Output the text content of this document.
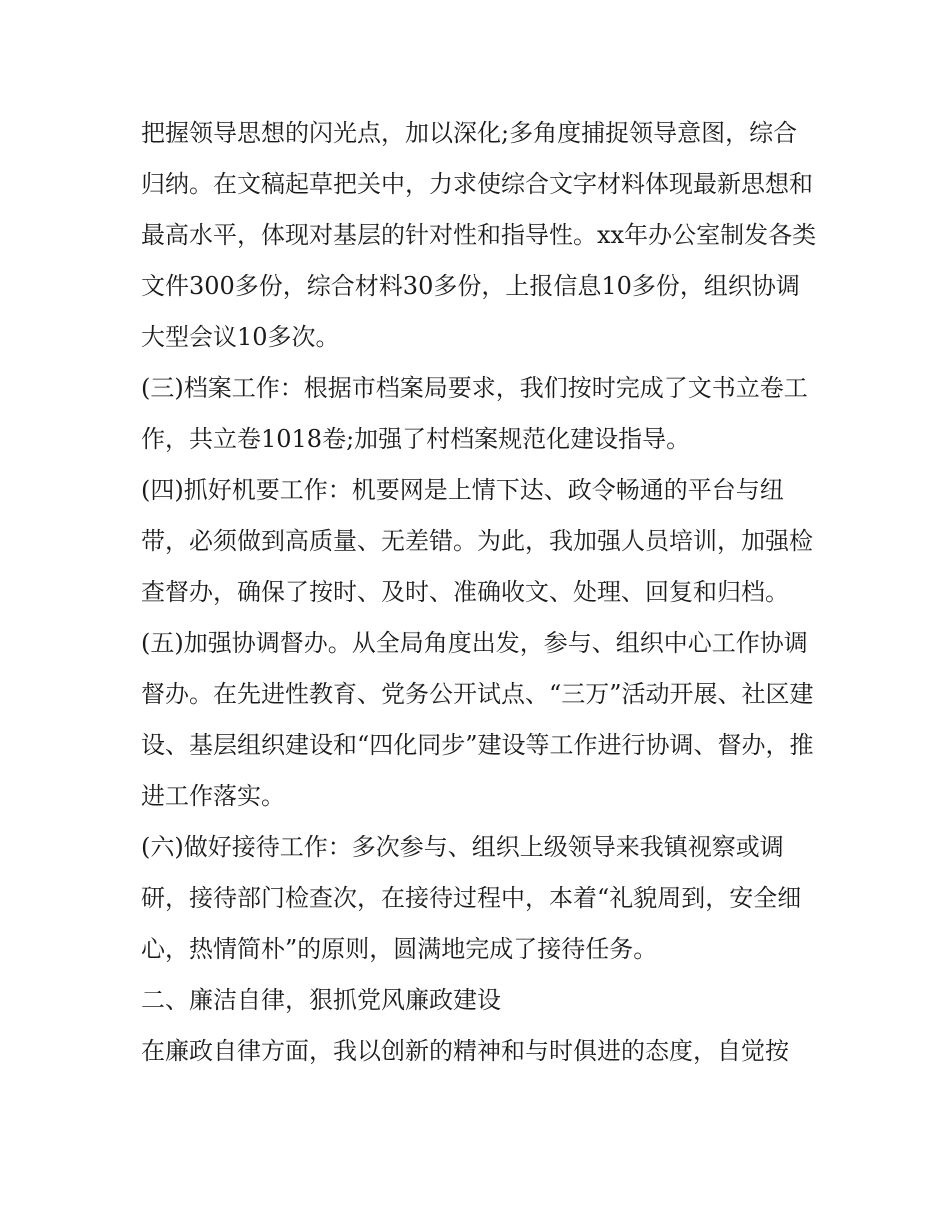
把握领导思想的闪光点，加以深化;多角度捕捉领导意图，综合归纳。在文稿起草把关中，力求使综合文字材料体现最新思想和最高水平，体现对基层的针对性和指导性。xx年办公室制发各类文件300多份，综合材料30多份，上报信息10多份，组织协调大型会议10多次。

(三)档案工作：根据市档案局要求，我们按时完成了文书立卷工作，共立卷1018卷;加强了村档案规范化建设指导。

(四)抓好机要工作：机要网是上情下达、政令畅通的平台与纽带，必须做到高质量、无差错。为此，我加强人员培训，加强检查督办，确保了按时、及时、准确收文、处理、回复和归档。

(五)加强协调督办。从全局角度出发，参与、组织中心工作协调督办。在先进性教育、党务公开试点、“三万”活动开展、社区建设、基层组织建设和“四化同步”建设等工作进行协调、督办，推进工作落实。

(六)做好接待工作：多次参与、组织上级领导来我镇视察或调研，接待部门检查次，在接待过程中，本着“礼貌周到，安全细心，热情简朴”的原则，圆满地完成了接待任务。

二、廉洁自律，狠抓党风廉政建设

在廉政自律方面，我以创新的精神和与时俱进的态度，自觉按
